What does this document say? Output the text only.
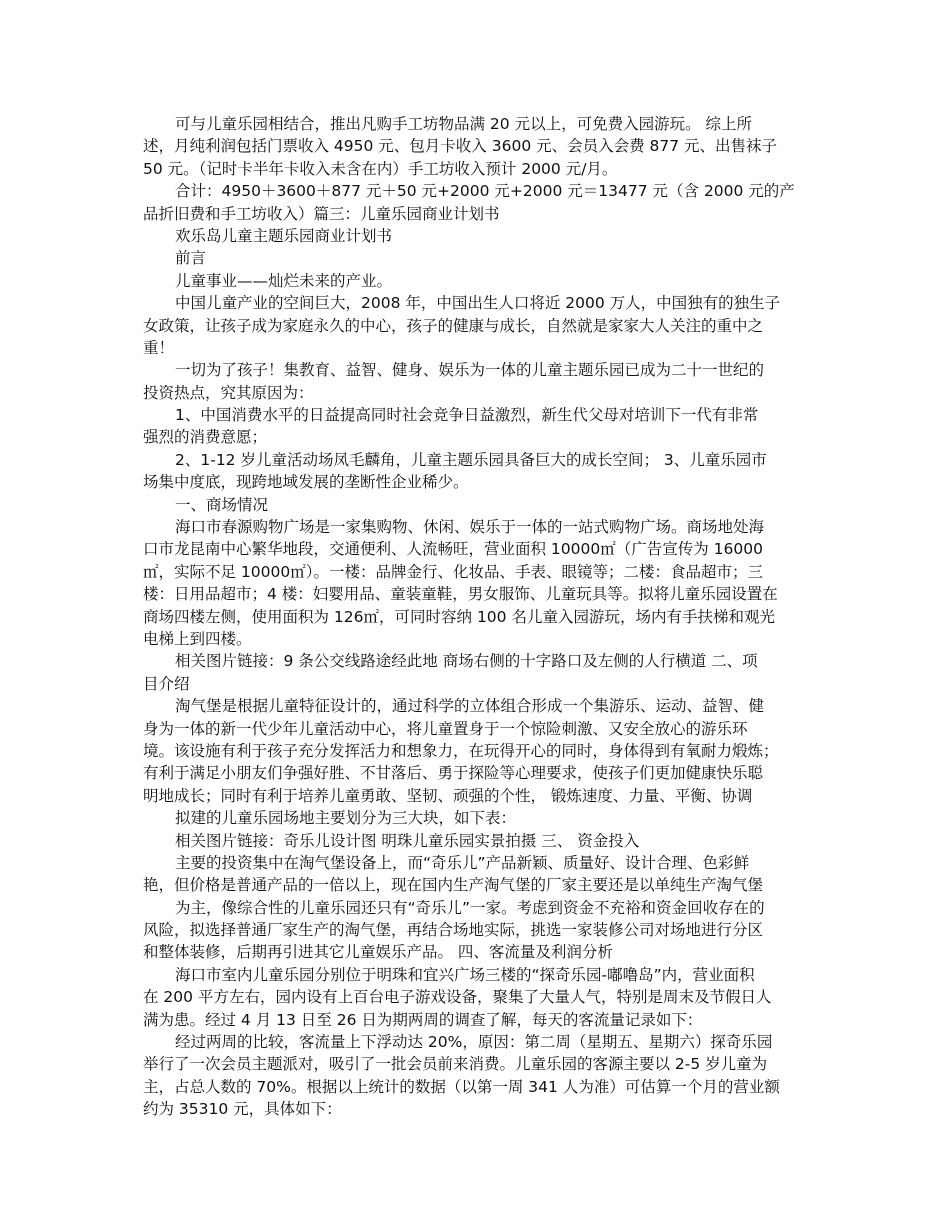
可与儿童乐园相结合，推出凡购手工坊物品满 20 元以上，可免费入园游玩。 综上所
述，月纯利润包括门票收入 4950 元、包月卡收入 3600 元、会员入会费 877 元、出售袜子
50 元。（记时卡半年卡收入未含在内）手工坊收入预计 2000 元/月。
合计：4950＋3600＋877 元＋50 元+2000 元+2000 元＝13477 元（含 2000 元的产
品折旧费和手工坊收入）篇三：儿童乐园商业计划书
欢乐岛儿童主题乐园商业计划书
前言
儿童事业——灿烂未来的产业。
中国儿童产业的空间巨大，2008 年，中国出生人口将近 2000 万人，中国独有的独生子
女政策，让孩子成为家庭永久的中心，孩子的健康与成长，自然就是家家大人关注的重中之
重！
一切为了孩子！集教育、益智、健身、娱乐为一体的儿童主题乐园已成为二十一世纪的
投资热点，究其原因为：
1、中国消费水平的日益提高同时社会竞争日益激烈，新生代父母对培训下一代有非常
强烈的消费意愿；
2、1-12 岁儿童活动场凤毛麟角，儿童主题乐园具备巨大的成长空间； 3、儿童乐园市
场集中度底，现跨地域发展的垄断性企业稀少。
一、商场情况
海口市春源购物广场是一家集购物、休闲、娱乐于一体的一站式购物广场。商场地处海
口市龙昆南中心繁华地段，交通便利、人流畅旺，营业面积 10000㎡（广告宣传为 16000
㎡，实际不足 10000㎡）。一楼：品牌金行、化妆品、手表、眼镜等；二楼：食品超市；三
楼：日用品超市；4 楼：妇婴用品、童装童鞋，男女服饰、儿童玩具等。拟将儿童乐园设置在
商场四楼左侧，使用面积为 126㎡，可同时容纳 100 名儿童入园游玩，场内有手扶梯和观光
电梯上到四楼。
相关图片链接：9 条公交线路途经此地 商场右侧的十字路口及左侧的人行横道 二、项
目介绍
淘气堡是根据儿童特征设计的，通过科学的立体组合形成一个集游乐、运动、益智、健
身为一体的新一代少年儿童活动中心，将儿童置身于一个惊险刺激、又安全放心的游乐环
境。该设施有利于孩子充分发挥活力和想象力，在玩得开心的同时，身体得到有氧耐力煅炼；
有利于满足小朋友们争强好胜、不甘落后、勇于探险等心理要求，使孩子们更加健康快乐聪
明地成长；同时有利于培养儿童勇敢、坚韧、顽强的个性， 锻炼速度、力量、平衡、协调
拟建的儿童乐园场地主要划分为三大块，如下表：
相关图片链接：奇乐儿设计图 明珠儿童乐园实景拍摄 三、 资金投入
主要的投资集中在淘气堡设备上，而“奇乐儿”产品新颖、质量好、设计合理、色彩鲜
艳，但价格是普通产品的一倍以上，现在国内生产淘气堡的厂家主要还是以单纯生产淘气堡
为主，像综合性的儿童乐园还只有“奇乐儿”一家。考虑到资金不充裕和资金回收存在的
风险，拟选择普通厂家生产的淘气堡，再结合场地实际，挑选一家装修公司对场地进行分区
和整体装修，后期再引进其它儿童娱乐产品。 四、客流量及利润分析
海口市室内儿童乐园分别位于明珠和宜兴广场三楼的“探奇乐园-嘟噜岛”内，营业面积
在 200 平方左右，园内设有上百台电子游戏设备，聚集了大量人气，特别是周末及节假日人
满为患。经过 4 月 13 日至 26 日为期两周的调查了解，每天的客流量记录如下：
经过两周的比较，客流量上下浮动达 20%，原因：第二周（星期五、星期六）探奇乐园
举行了一次会员主题派对，吸引了一批会员前来消费。儿童乐园的客源主要以 2-5 岁儿童为
主，占总人数的 70%。根据以上统计的数据（以第一周 341 人为准）可估算一个月的营业额
约为 35310 元，具体如下：
